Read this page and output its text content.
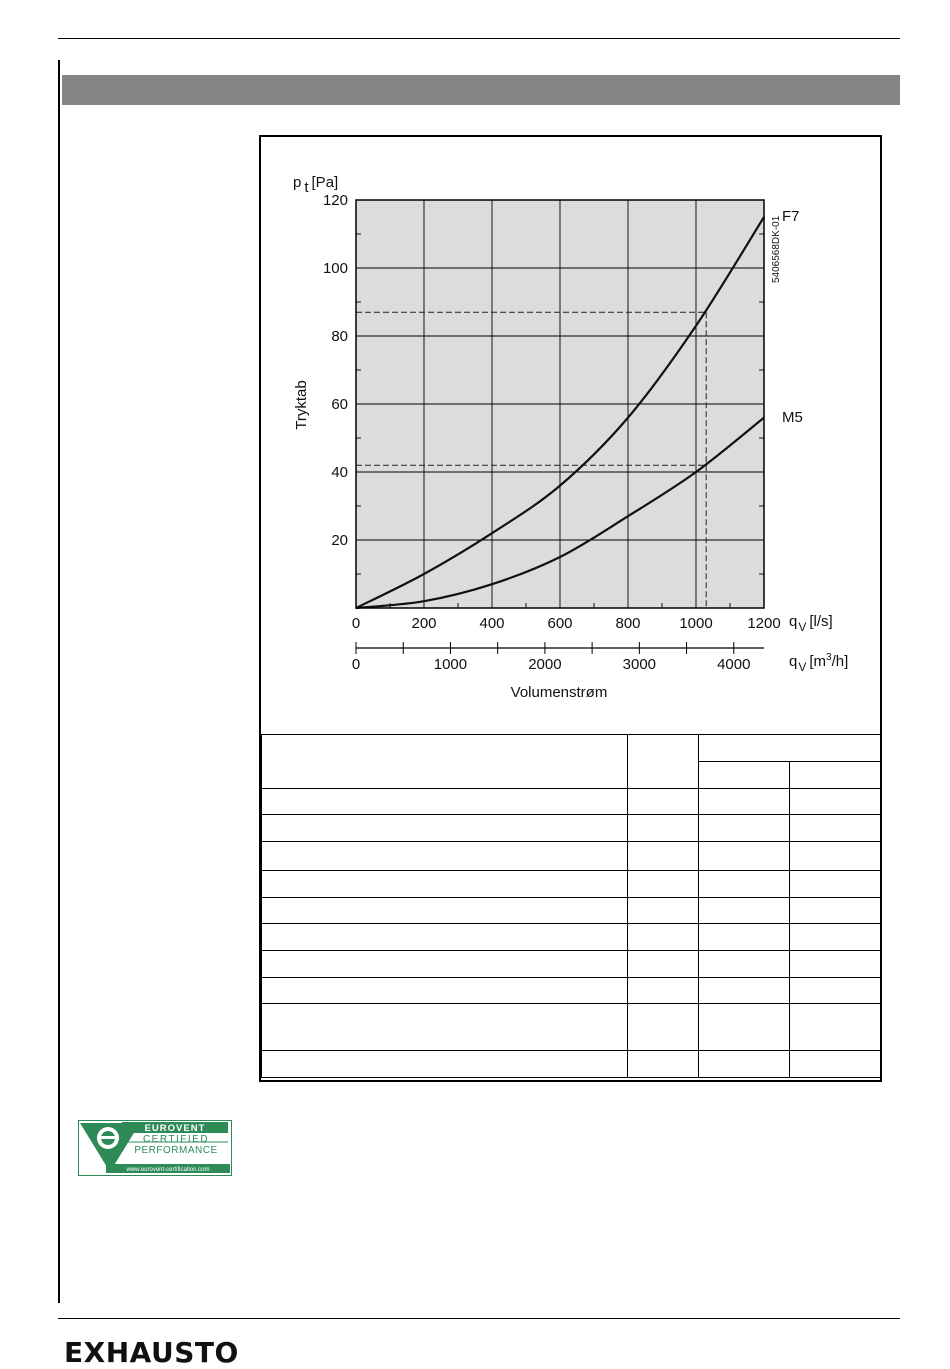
20
40
60
80
100
120
0	200	400	600	800	1000 1200
0	1000	2000	3000	4000
p t [Pa]
Tryktab
$q_V$ [l/s]
$q_V$ $[m^3/h]$
Volumenstrøm
5406568DK-01 F7
M5

EUROVENT
CERTIFIED
PERFORMANCE
www.eurovent-certification.com
EXHAUSTO
